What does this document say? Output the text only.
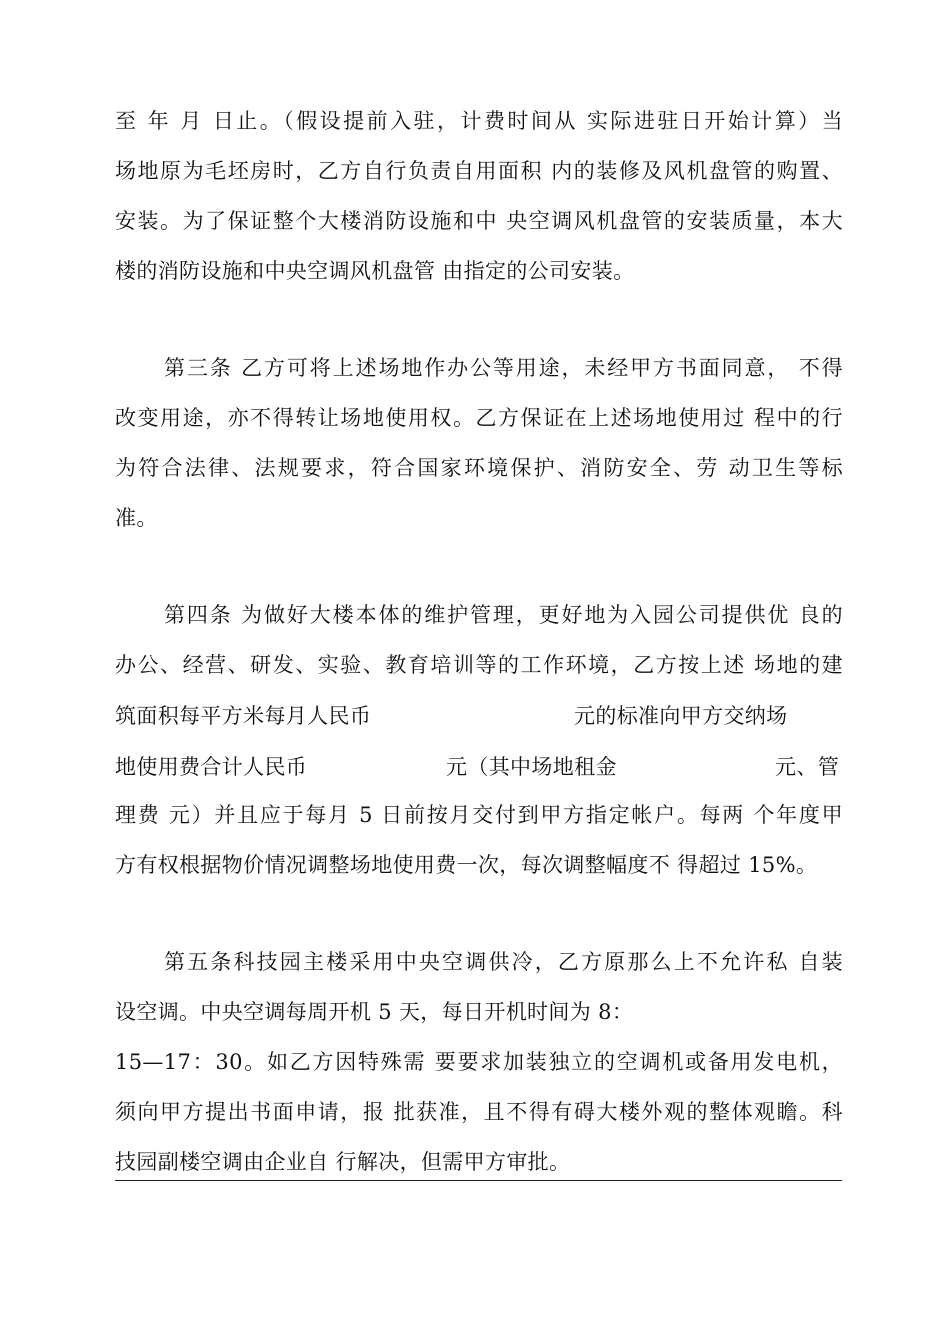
至 年 月 日止。（假设提前入驻，计费时间从 实际进驻日开始计算）当
场地原为毛坯房时，乙方自行负责自用面积 内的装修及风机盘管的购置、
安装。为了保证整个大楼消防设施和中 央空调风机盘管的安装质量，本大
楼的消防设施和中央空调风机盘管 由指定的公司安装。
第三条 乙方可将上述场地作办公等用途，未经甲方书面同意， 不得
改变用途，亦不得转让场地使用权。乙方保证在上述场地使用过 程中的行
为符合法律、法规要求，符合国家环境保护、消防安全、劳 动卫生等标
准。
第四条 为做好大楼本体的维护管理，更好地为入园公司提供优 良的
办公、经营、研发、实验、教育培训等的工作环境，乙方按上述 场地的建
筑面积每平方米每月人民币	元的标准向甲方交纳场
地使用费合计人民币	元（其中场地租金	元、管
理费 元）并且应于每月 5 日前按月交付到甲方指定帐户。每两 个年度甲
方有权根据物价情况调整场地使用费一次，每次调整幅度不 得超过 15%。
第五条科技园主楼采用中央空调供冷，乙方原那么上不允许私 自装
设空调。中央空调每周开机 5 天，每日开机时间为 8：
15—17：30。如乙方因特殊需 要要求加装独立的空调机或备用发电机，
须向甲方提出书面申请，报 批获准，且不得有碍大楼外观的整体观瞻。科
技园副楼空调由企业自 行解决，但需甲方审批。
